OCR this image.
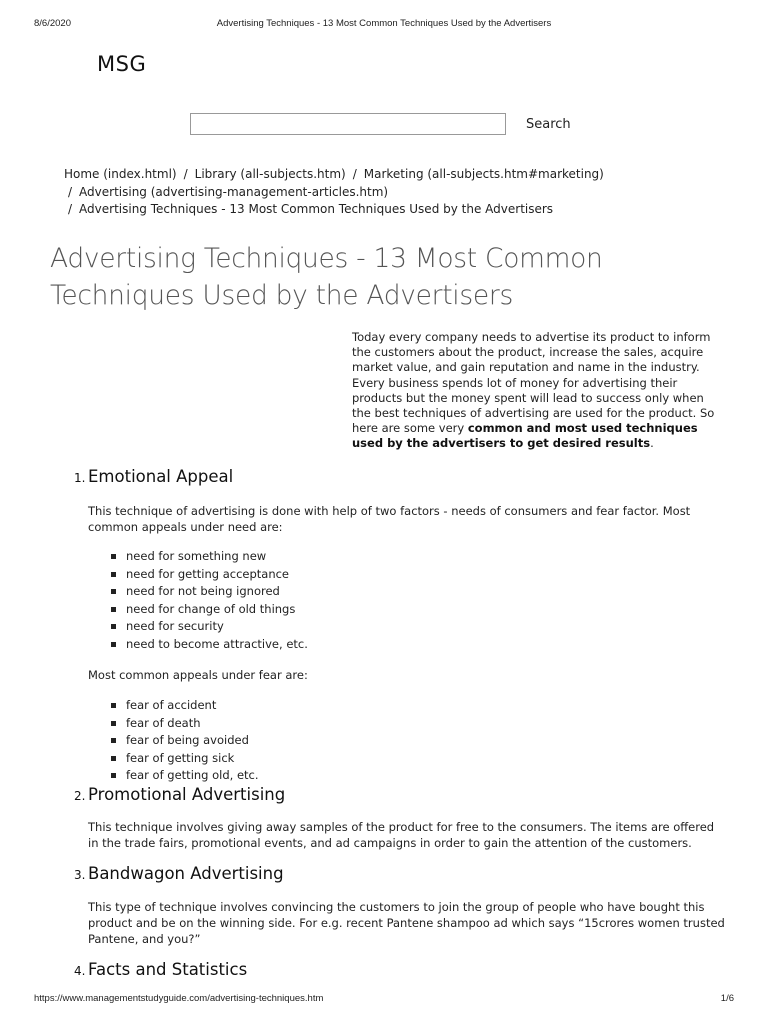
8/6/2020	Advertising Techniques - 13 Most Common Techniques Used by the Advertisers
MSG
Search
Home (index.html) / Library (all-subjects.htm) / Marketing (all-subjects.htm#marketing)
/ Advertising (advertising-management-articles.htm)
/ Advertising Techniques - 13 Most Common Techniques Used by the Advertisers
Advertising Techniques - 13 Most Common
Techniques Used by the Advertisers

Today every company needs to advertise its product to inform the customers about the product, increase the sales, acquire market value, and gain reputation and name in the industry. Every business spends lot of money for advertising their products but the money spent will lead to success only when the best techniques of advertising are used for the product. So here are some very common and most used techniques used by the advertisers to get desired results.

1. Emotional Appeal

This technique of advertising is done with help of two factors - needs of consumers and fear factor. Most common appeals under need are:

need for something new
need for getting acceptance
need for not being ignored
need for change of old things
need for security
need to become attractive, etc.

Most common appeals under fear are:

fear of accident
fear of death
fear of being avoided
fear of getting sick
fear of getting old, etc.
2. Promotional Advertising

This technique involves giving away samples of the product for free to the consumers. The items are offered in the trade fairs, promotional events, and ad campaigns in order to gain the attention of the customers.

3. Bandwagon Advertising

This type of technique involves convincing the customers to join the group of people who have bought this product and be on the winning side. For e.g. recent Pantene shampoo ad which says “15crores women trusted Pantene, and you?”

4. Facts and Statistics
https://www.managementstudyguide.com/advertising-techniques.htm	1/6
